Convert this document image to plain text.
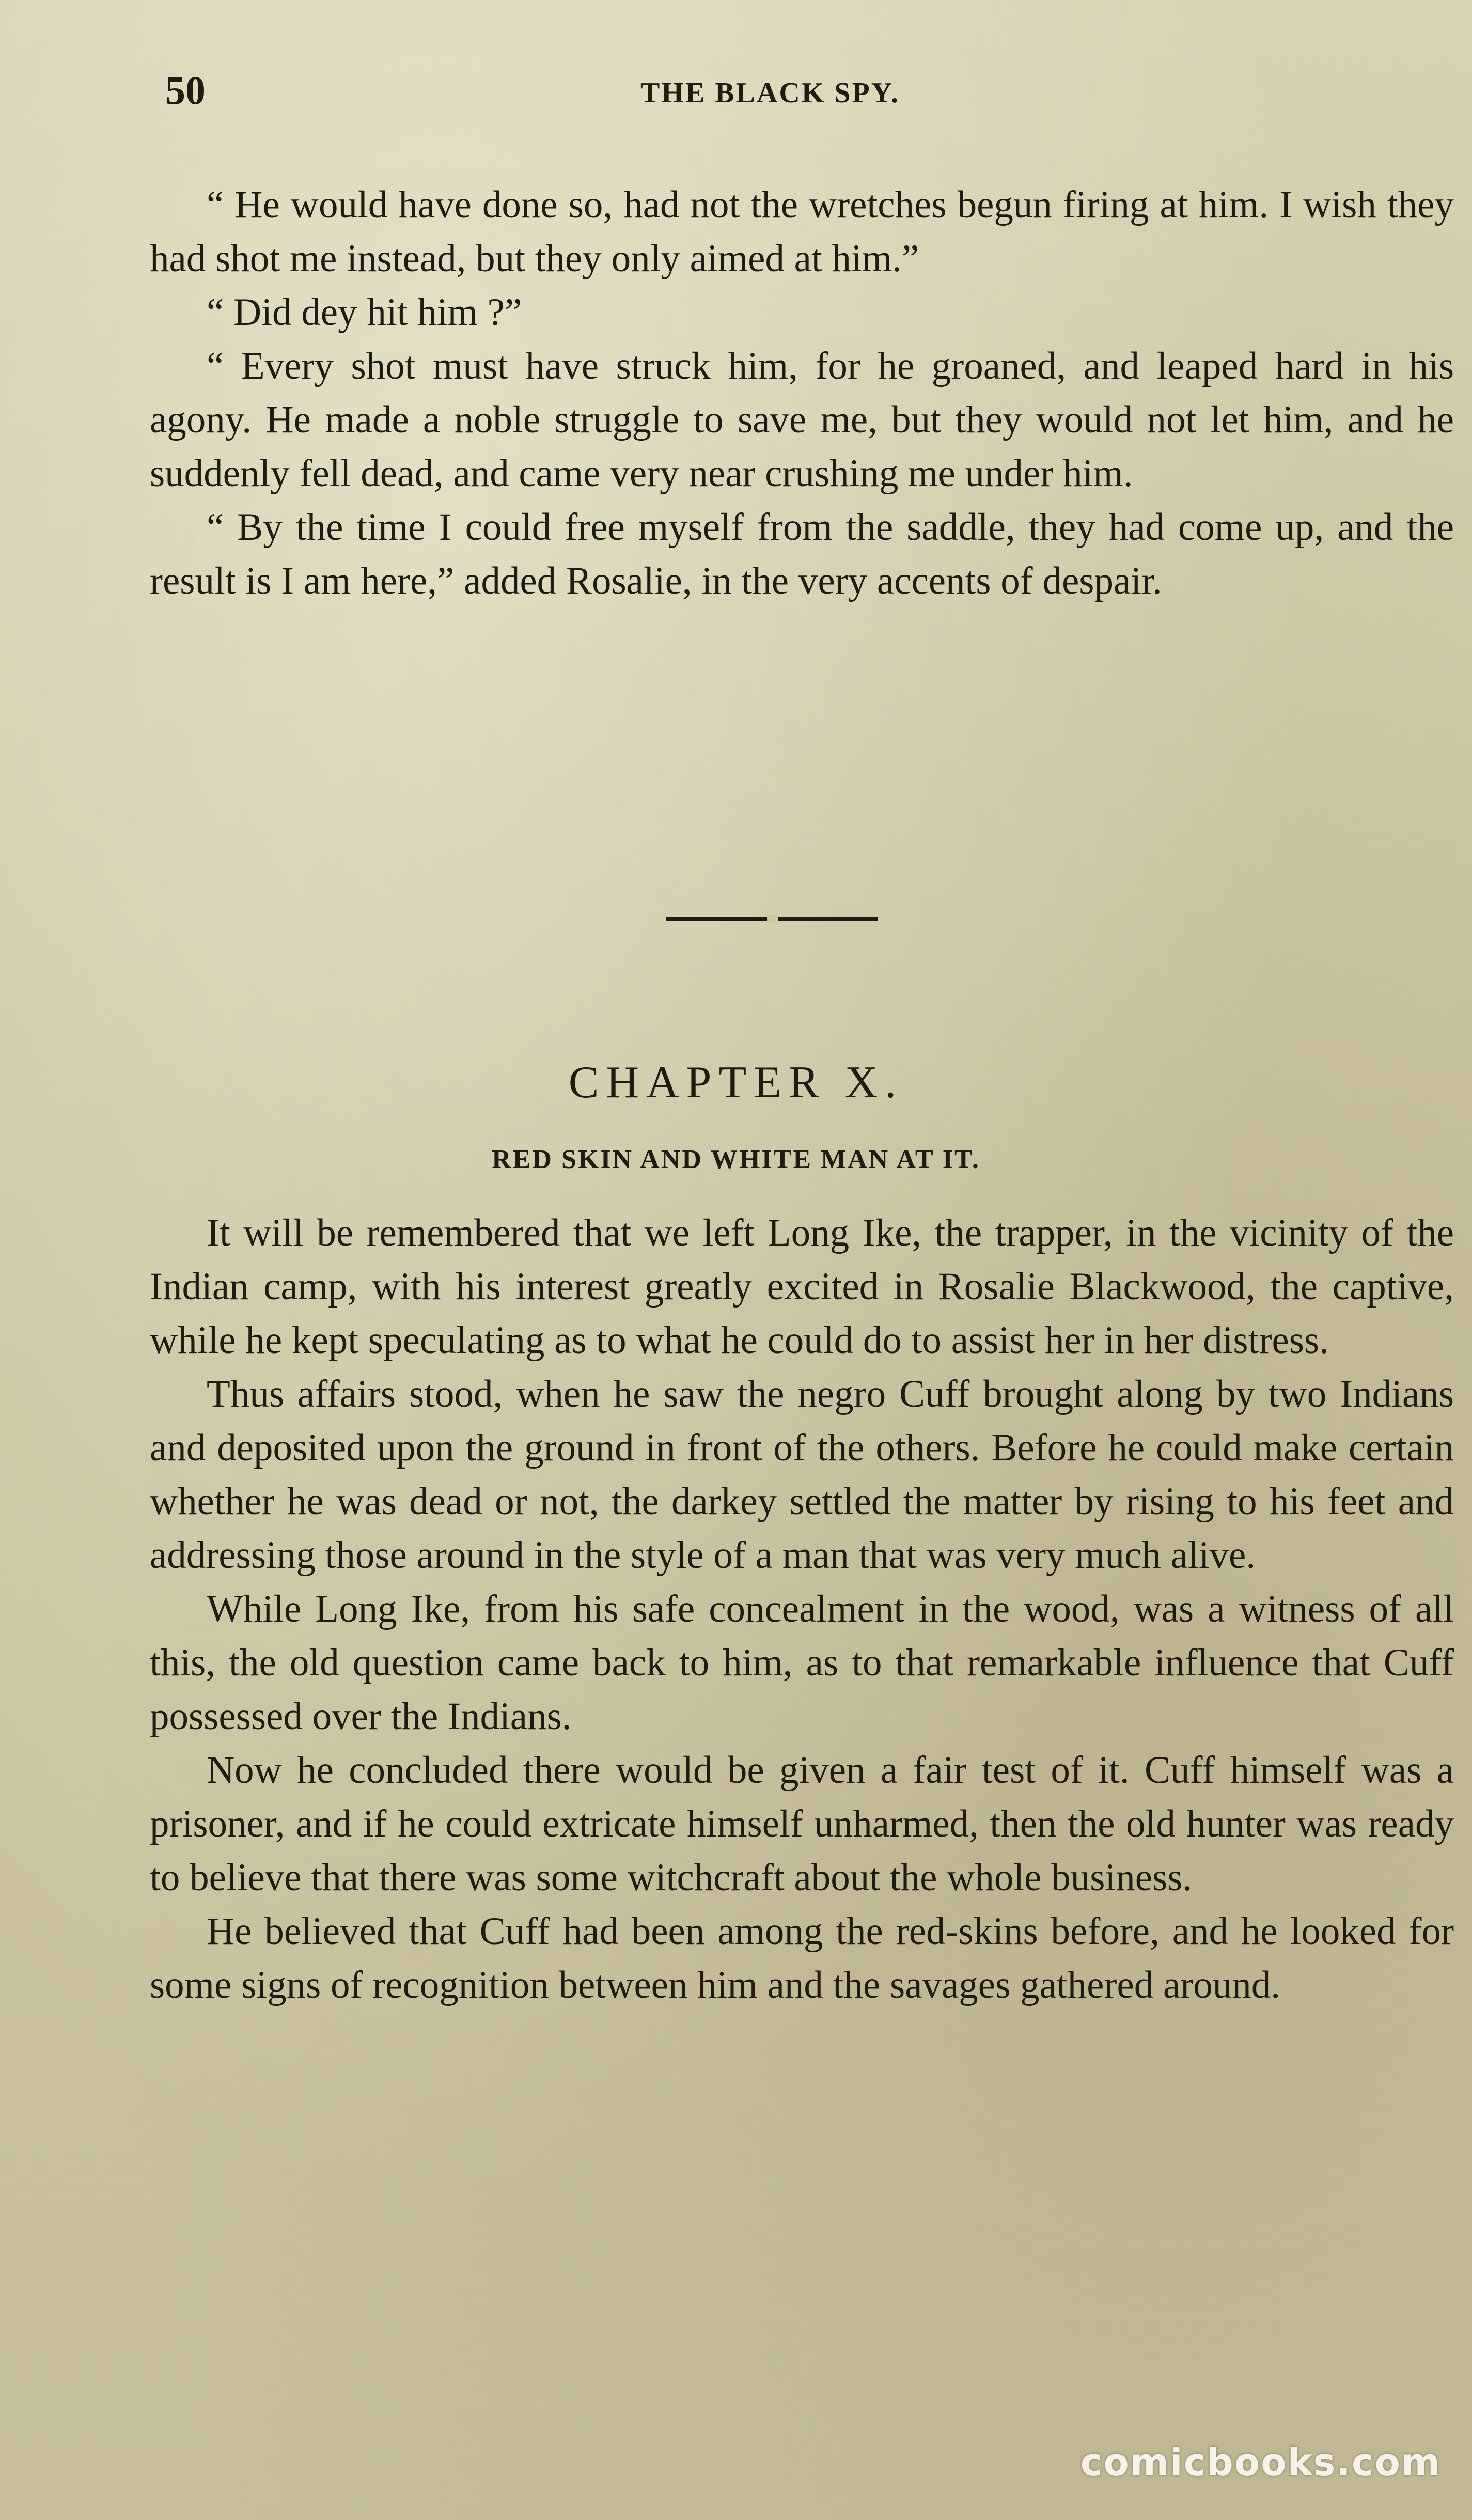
50	THE BLACK SPY.

“ He would have done so, had not the wretches begun firing at him. I wish they had shot me instead, but they only aimed at him.”

“ Did dey hit him ?”

“ Every shot must have struck him, for he groaned, and leaped hard in his agony. He made a noble struggle to save me, but they would not let him, and he suddenly fell dead, and came very near crushing me under him.

“ By the time I could free myself from the saddle, they had come up, and the result is I am here,” added Rosalie, in the very accents of despair.

CHAPTER X.
RED SKIN AND WHITE MAN AT IT.

It will be remembered that we left Long Ike, the trapper, in the vicinity of the Indian camp, with his interest greatly excited in Rosalie Blackwood, the captive, while he kept speculating as to what he could do to assist her in her distress.

Thus affairs stood, when he saw the negro Cuff brought along by two Indians and deposited upon the ground in front of the others. Before he could make certain whether he was dead or not, the darkey settled the matter by rising to his feet and addressing those around in the style of a man that was very much alive.

While Long Ike, from his safe concealment in the wood, was a witness of all this, the old question came back to him, as to that remarkable influence that Cuff possessed over the Indians.

Now he concluded there would be given a fair test of it. Cuff himself was a prisoner, and if he could extricate himself unharmed, then the old hunter was ready to believe that there was some witchcraft about the whole business.

He believed that Cuff had been among the red-skins before, and he looked for some signs of recognition between him and the savages gathered around.

comicbooks.com
